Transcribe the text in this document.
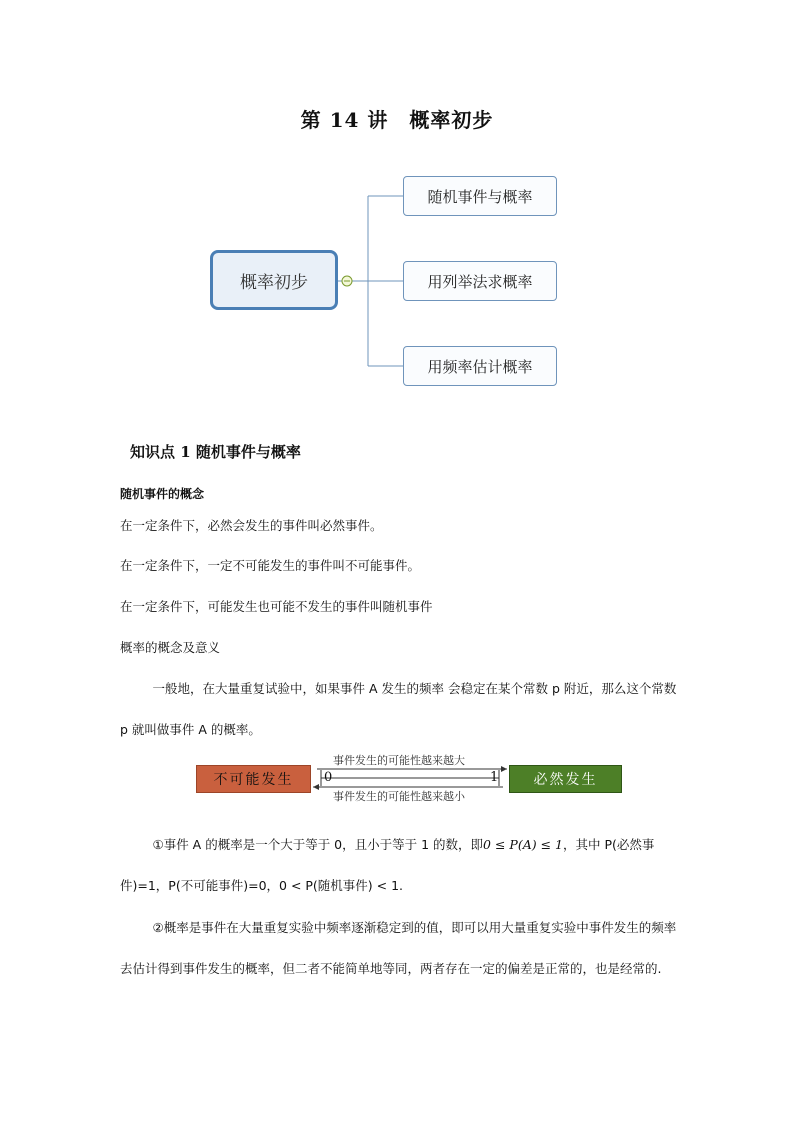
第 14 讲　概率初步
概率初步
随机事件与概率
用列举法求概率
用频率估计概率
知识点 1 随机事件与概率
随机事件的概念
在一定条件下，必然会发生的事件叫必然事件。
在一定条件下，一定不可能发生的事件叫不可能事件。
在一定条件下，可能发生也可能不发生的事件叫随机事件
概率的概念及意义
一般地，在大量重复试验中，如果事件 A 发生的频率 会稳定在某个常数 p 附近，那么这个常数 p 就叫做事件 A 的概率。
不可能发生	必然发生
事件发生的可能性越来越大
事件发生的可能性越来越小
0	1
①事件 A 的概率是一个大于等于 0，且小于等于 1 的数，即0 ≤ P(A) ≤ 1，其中 P(必然事件)=1，P(不可能事件)=0，0 < P(随机事件) < 1.
②概率是事件在大量重复实验中频率逐渐稳定到的值，即可以用大量重复实验中事件发生的频率去估计得到事件发生的概率，但二者不能简单地等同，两者存在一定的偏差是正常的，也是经常的.
